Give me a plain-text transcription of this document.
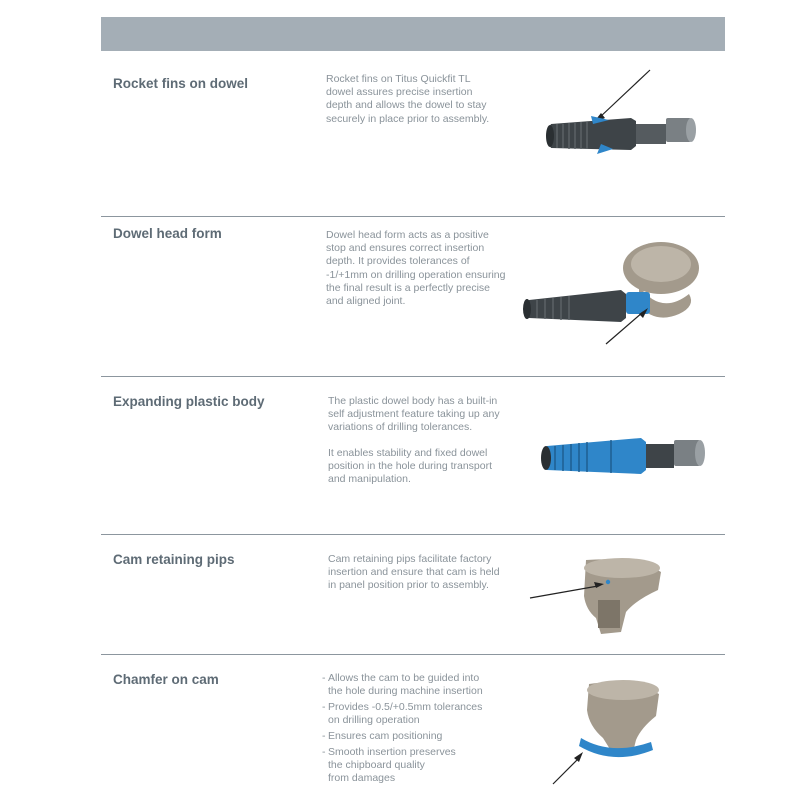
Rocket fins on dowel	Rocket fins on Titus Quickfit TL

dowel assures precise insertion

depth and allows the dowel to stay

securely in place prior to assembly.

Dowel head form	Dowel head form acts as a positive

stop and ensures correct insertion

depth. It provides tolerances of

-1/+1mm on drilling operation ensuring

the final result is a perfectly precise

and aligned joint.

Expanding plastic body	The plastic dowel body has a built-in

self adjustment feature taking up any

variations of drilling tolerances.

It enables stability and fixed dowel

position in the hole during transport

and manipulation.

Cam retaining pips	Cam retaining pips facilitate factory

insertion and ensure that cam is held

in panel position prior to assembly.

Chamfer on cam	- Allows the cam to be guided into
the hole during machine insertion
- Provides -0.5/+0.5mm tolerances
on drilling operation
- Ensures cam positioning
- Smooth insertion preserves
the chipboard quality
from damages
